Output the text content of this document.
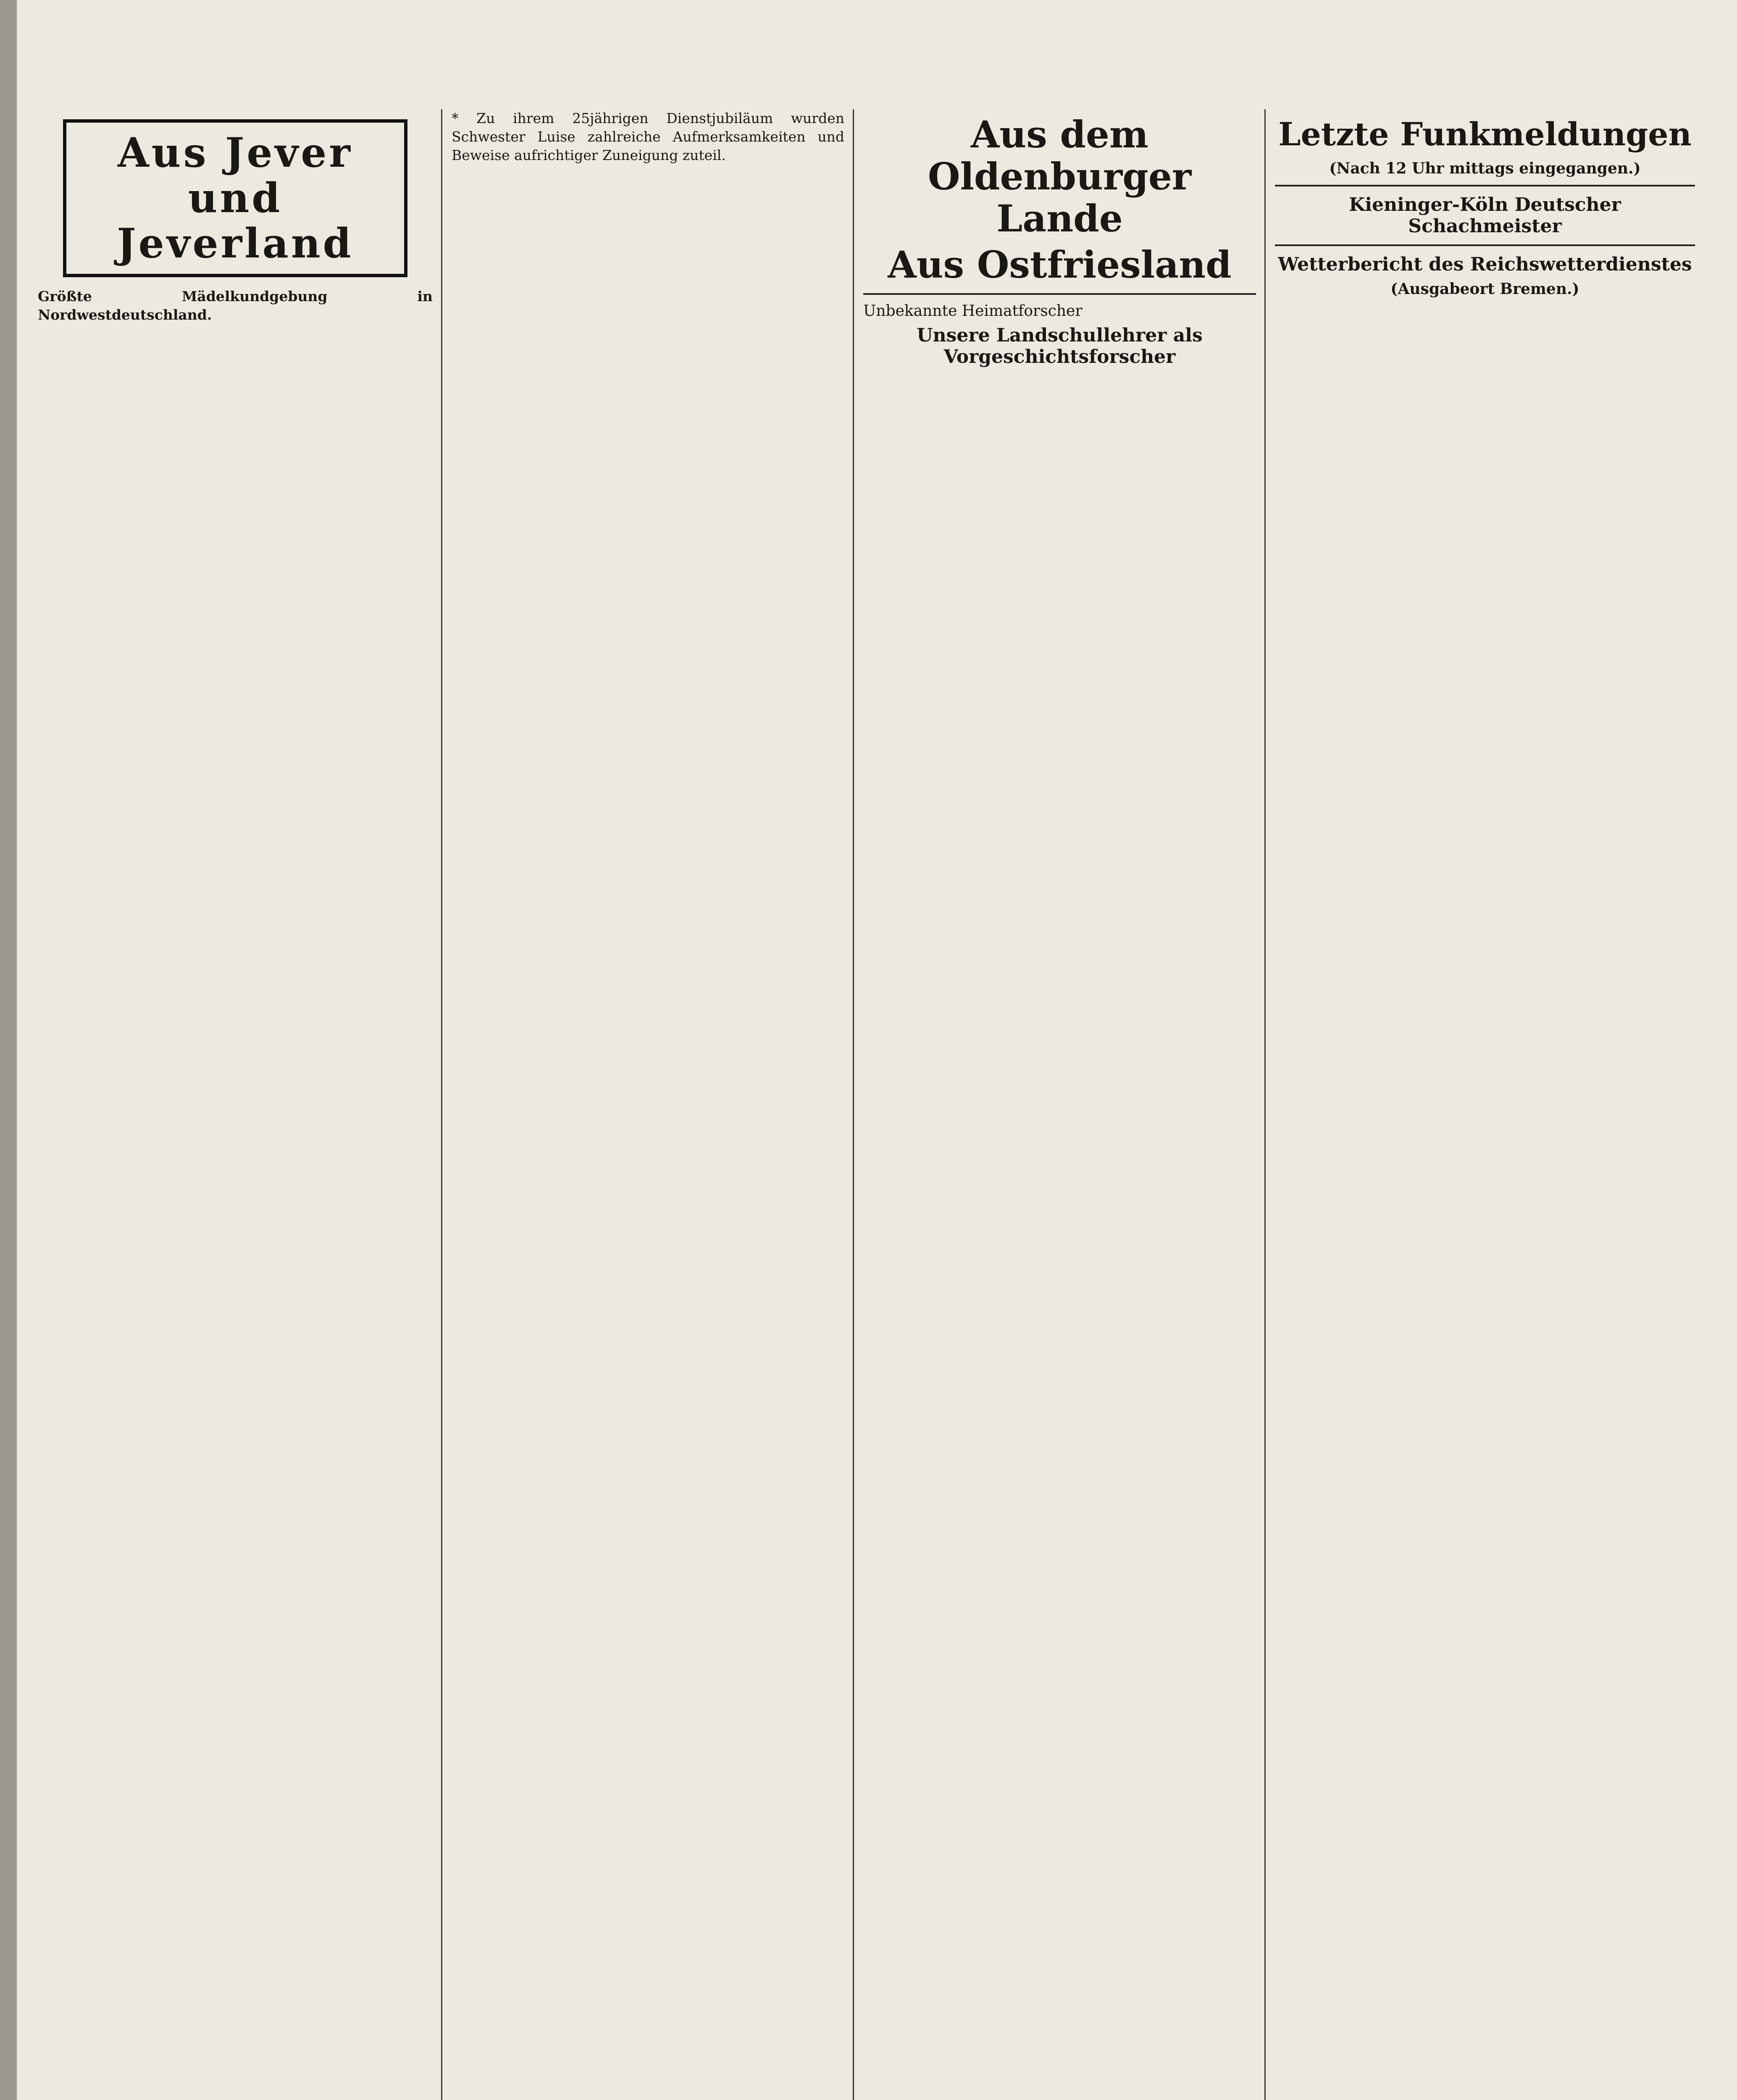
Aus Jever
und Jeverland

Größte Mädelkundgebung in Nordwestdeutschland.

* Zu ihrem 25jährigen Dienstjubiläum wurden Schwester Luise zahlreiche Aufmerksamkeiten und Beweise aufrichtiger Zuneigung zuteil.	Aus dem Oldenburger Lande
Aus Ostfriesland
Unbekannte Heimatforscher
Unsere Landschullehrer als Vorgeschichtsforscher
Letzte Funkmeldungen
(Nach 12 Uhr mittags eingegangen.)
Kieninger-Köln Deutscher Schachmeister
Wetterbericht des Reichswetterdienstes
(Ausgabeort Bremen.)
